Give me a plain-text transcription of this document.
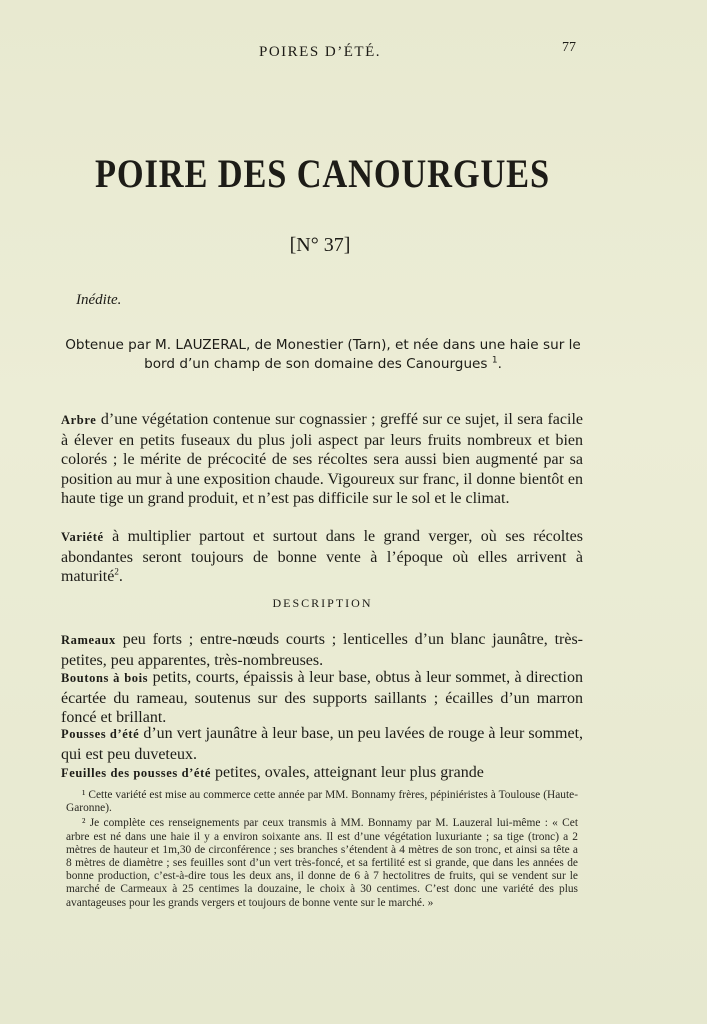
POIRES D’ÉTÉ.	77
POIRE DES CANOURGUES
[N° 37]
Inédite.
Obtenue par M. LAUZERAL, de Monestier (Tarn), et née dans une haie sur le bord d’un champ de son domaine des Canourgues $^1$.
Arbre d’une végétation contenue sur cognassier ; greffé sur ce sujet, il sera facile à élever en petits fuseaux du plus joli aspect par leurs fruits nombreux et bien colorés ; le mérite de précocité de ses récoltes sera aussi bien augmenté par sa position au mur à une exposition chaude. Vigoureux sur franc, il donne bientôt en haute tige un grand produit, et n’est pas difficile sur le sol et le climat.
Variété à multiplier partout et surtout dans le grand verger, où ses récoltes abondantes seront toujours de bonne vente à l’époque où elles arrivent à maturité$^2$.
DESCRIPTION
Rameaux peu forts ; entre-nœuds courts ; lenticelles d’un blanc jaunâtre, très-petites, peu apparentes, très-nombreuses.
Boutons à bois petits, courts, épaissis à leur base, obtus à leur sommet, à direction écartée du rameau, soutenus sur des supports saillants ; écailles d’un marron foncé et brillant.
Pousses d’été d’un vert jaunâtre à leur base, un peu lavées de rouge à leur sommet, qui est peu duveteux.
Feuilles des pousses d’été petites, ovales, atteignant leur plus grande

¹ Cette variété est mise au commerce cette année par MM. Bonnamy frères, pépiniéristes à Toulouse (Haute-Garonne).

² Je complète ces renseignements par ceux transmis à MM. Bonnamy par M. Lauzeral lui-même : « Cet arbre est né dans une haie il y a environ soixante ans. Il est d’une végétation luxuriante ; sa tige (tronc) a 2 mètres de hauteur et 1m,30 de circonférence ; ses branches s’étendent à 4 mètres de son tronc, et ainsi sa tête a 8 mètres de diamètre ; ses feuilles sont d’un vert très-foncé, et sa fertilité est si grande, que dans les années de bonne production, c’est-à-dire tous les deux ans, il donne de 6 à 7 hectolitres de fruits, qui se vendent sur le marché de Carmeaux à 25 centimes la douzaine, le choix à 30 centimes. C’est donc une variété des plus avantageuses pour les grands vergers et toujours de bonne vente sur le marché. »
